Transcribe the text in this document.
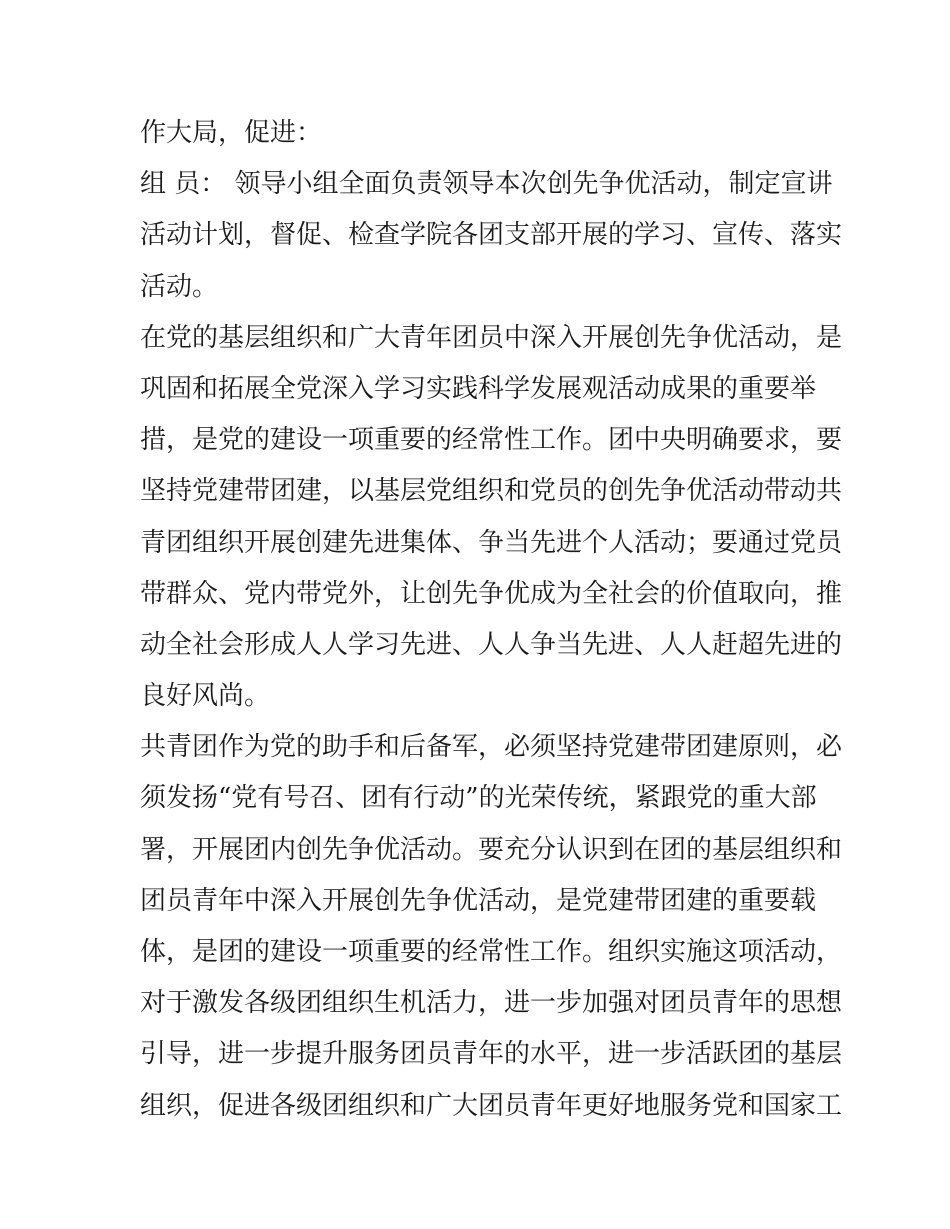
作大局，促进：
组 员： 领导小组全面负责领导本次创先争优活动，制定宣讲
活动计划，督促、检查学院各团支部开展的学习、宣传、落实
活动。
在党的基层组织和广大青年团员中深入开展创先争优活动，是
巩固和拓展全党深入学习实践科学发展观活动成果的重要举
措，是党的建设一项重要的经常性工作。团中央明确要求，要
坚持党建带团建，以基层党组织和党员的创先争优活动带动共
青团组织开展创建先进集体、争当先进个人活动；要通过党员
带群众、党内带党外，让创先争优成为全社会的价值取向，推
动全社会形成人人学习先进、人人争当先进、人人赶超先进的
良好风尚。
共青团作为党的助手和后备军，必须坚持党建带团建原则，必
须发扬“党有号召、团有行动”的光荣传统，紧跟党的重大部
署，开展团内创先争优活动。要充分认识到在团的基层组织和
团员青年中深入开展创先争优活动，是党建带团建的重要载
体，是团的建设一项重要的经常性工作。组织实施这项活动，
对于激发各级团组织生机活力，进一步加强对团员青年的思想
引导，进一步提升服务团员青年的水平，进一步活跃团的基层
组织，促进各级团组织和广大团员青年更好地服务党和国家工
